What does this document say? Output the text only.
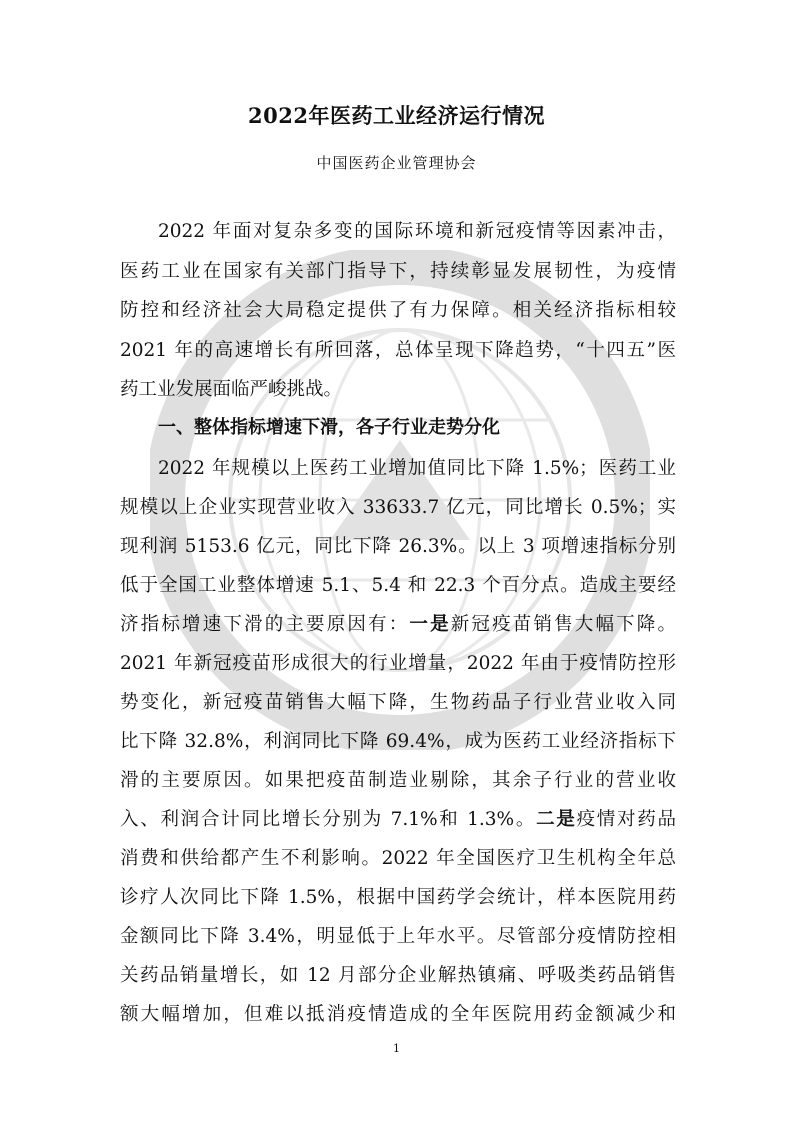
2022年医药工业经济运行情况
中国医药企业管理协会
2022 年面对复杂多变的国际环境和新冠疫情等因素冲击，
医药工业在国家有关部门指导下，持续彰显发展韧性，为疫情
防控和经济社会大局稳定提供了有力保障。相关经济指标相较
2021 年的高速增长有所回落，总体呈现下降趋势，“十四五”医
药工业发展面临严峻挑战。
一、整体指标增速下滑，各子行业走势分化
2022 年规模以上医药工业增加值同比下降 1.5%；医药工业
规模以上企业实现营业收入 33633.7 亿元，同比增长 0.5%；实
现利润 5153.6 亿元，同比下降 26.3%。以上 3 项增速指标分别
低于全国工业整体增速 5.1、5.4 和 22.3 个百分点。造成主要经
济指标增速下滑的主要原因有：一是新冠疫苗销售大幅下降。
2021 年新冠疫苗形成很大的行业增量，2022 年由于疫情防控形
势变化，新冠疫苗销售大幅下降，生物药品子行业营业收入同
比下降 32.8%，利润同比下降 69.4%，成为医药工业经济指标下
滑的主要原因。如果把疫苗制造业剔除，其余子行业的营业收
入、利润合计同比增长分别为 7.1%和 1.3%。二是疫情对药品
消费和供给都产生不利影响。2022 年全国医疗卫生机构全年总
诊疗人次同比下降 1.5%，根据中国药学会统计，样本医院用药
金额同比下降 3.4%，明显低于上年水平。尽管部分疫情防控相
关药品销量增长，如 12 月部分企业解热镇痛、呼吸类药品销售
额大幅增加，但难以抵消疫情造成的全年医院用药金额减少和
1
